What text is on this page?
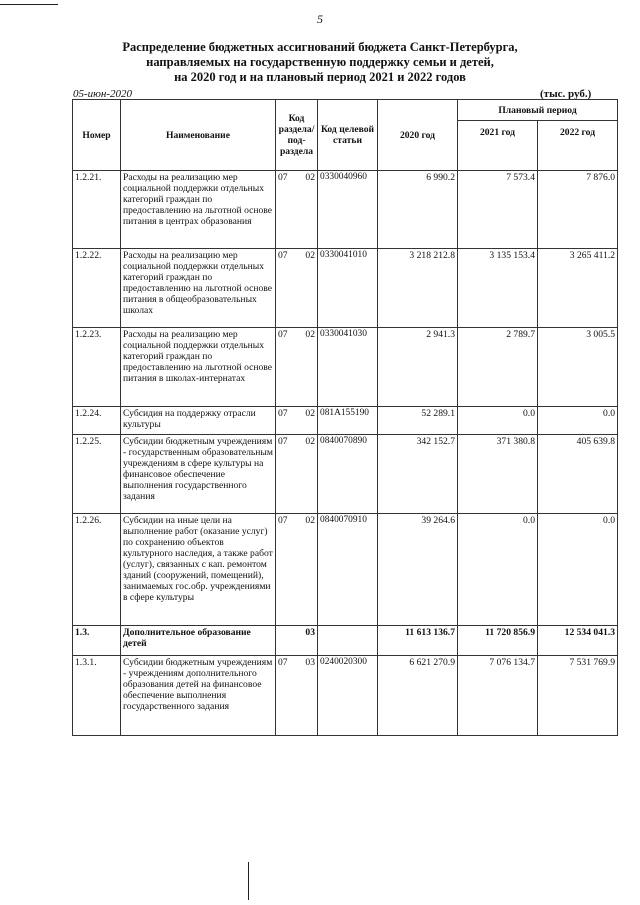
5
Распределение бюджетных ассигнований бюджета Санкт-Петербурга,
направляемых на государственную поддержку семьи и детей,
на 2020 год и на плановый период 2021 и 2022 годов
05-июн-2020	(тыс. руб.)
Номер	Наименование	Код раздела/ под-раздела		Код целевой статьи	2020 год	Плановый период	
						2021 год	2022 год
1.2.21.	Расходы на реализацию мер социальной поддержки отдельных категорий граждан по предоставлению на льготной основе питания в центрах образования	07	02	0330040960	6 990.2	7 573.4	7 876.0
1.2.22.	Расходы на реализацию мер социальной поддержки отдельных категорий граждан по предоставлению на льготной основе питания в общеобразовательных школах	07	02	0330041010	3 218 212.8	3 135 153.4	3 265 411.2
1.2.23.	Расходы на реализацию мер социальной поддержки отдельных категорий граждан по предоставлению на льготной основе питания в школах-интернатах	07	02	0330041030	2 941.3	2 789.7	3 005.5
1.2.24.	Субсидия на поддержку отрасли культуры	07	02	081A155190	52 289.1	0.0	0.0
1.2.25.	Субсидии бюджетным учреждениям - государственным образовательным учреждениям в сфере культуры на финансовое обеспечение выполнения государственного задания	07	02	0840070890	342 152.7	371 380.8	405 639.8
1.2.26.	Субсидии на иные цели на выполнение работ (оказание услуг) по сохранению объектов культурного наследия, а также работ (услуг), связанных с кап. ремонтом зданий (сооружений, помещений), занимаемых гос.обр. учреждениями в сфере культуры	07	02	0840070910	39 264.6	0.0	0.0
1.3.	Дополнительное образование детей		03		11 613 136.7	11 720 856.9	12 534 041.3
1.3.1.	Субсидии бюджетным учреждениям - учреждениям дополнительного образования детей на финансовое обеспечение выполнения государственного задания	07	03	0240020300	6 621 270.9	7 076 134.7	7 531 769.9
